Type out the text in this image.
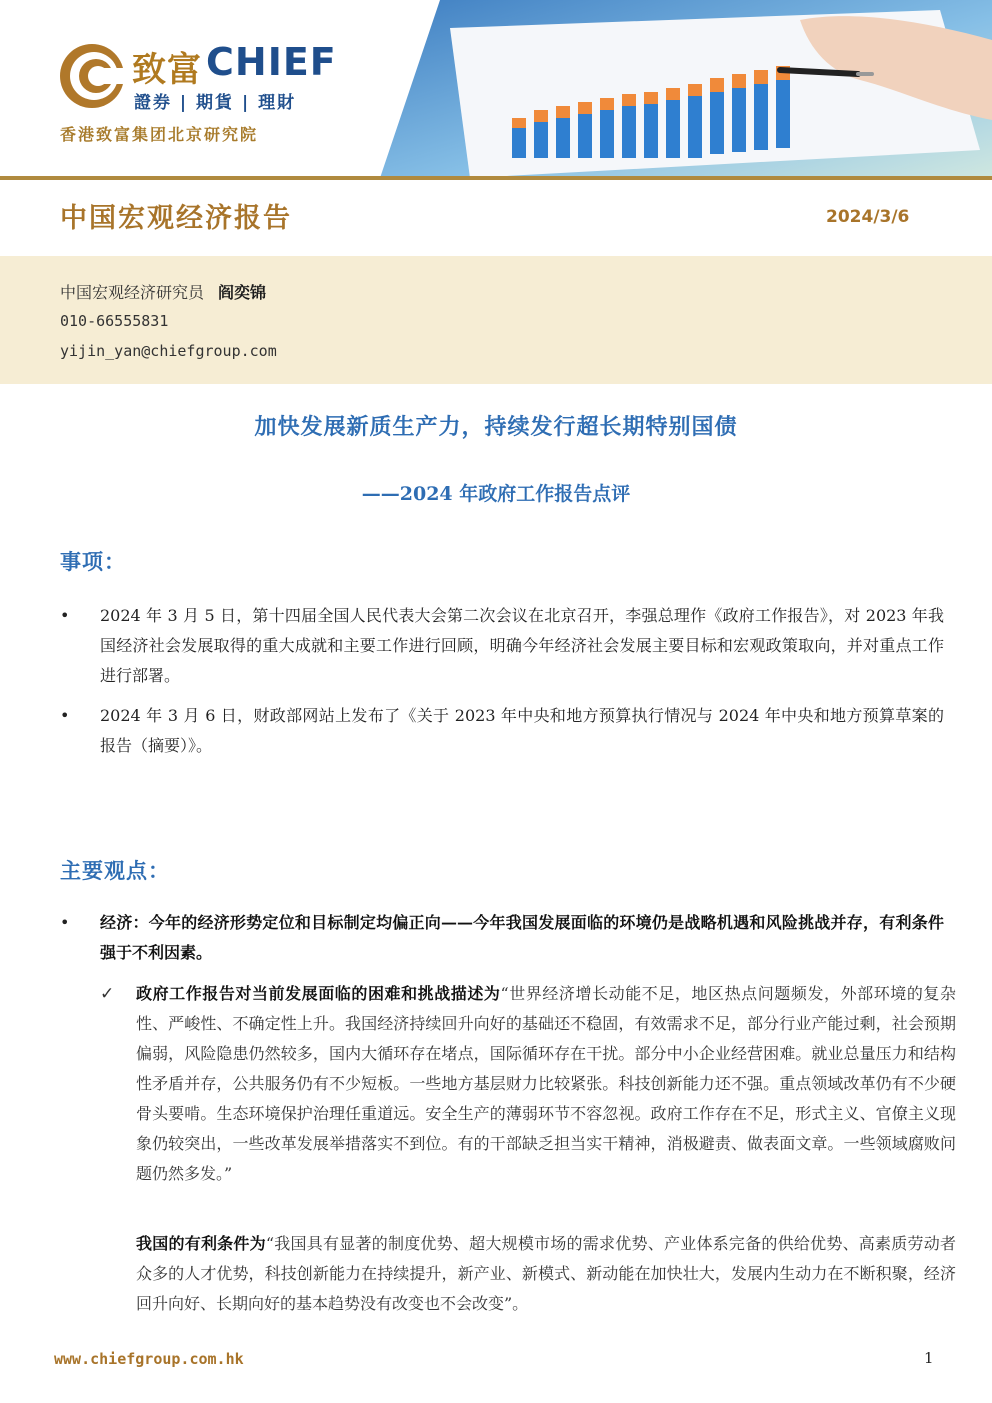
致富 CHIEF
證券 | 期貨 | 理財
香港致富集团北京研究院
中国宏观经济报告	2024/3/6
中国宏观经济研究员 阎奕锦
010-66555831
yijin_yan@chiefgroup.com
加快发展新质生产力，持续发行超长期特别国债
——2024 年政府工作报告点评
事项：
• 2024 年 3 月 5 日，第十四届全国人民代表大会第二次会议在北京召开，李强总理作《政府工作报告》，对 2023 年我国经济社会发展取得的重大成就和主要工作进行回顾，明确今年经济社会发展主要目标和宏观政策取向，并对重点工作进行部署。
• 2024 年 3 月 6 日，财政部网站上发布了《关于 2023 年中央和地方预算执行情况与 2024 年中央和地方预算草案的报告（摘要）》。
主要观点：
• 经济：今年的经济形势定位和目标制定均偏正向——今年我国发展面临的环境仍是战略机遇和风险挑战并存，有利条件强于不利因素。
✓ 政府工作报告对当前发展面临的困难和挑战描述为“世界经济增长动能不足，地区热点问题频发，外部环境的复杂性、严峻性、不确定性上升。我国经济持续回升向好的基础还不稳固，有效需求不足，部分行业产能过剩，社会预期偏弱，风险隐患仍然较多，国内大循环存在堵点，国际循环存在干扰。部分中小企业经营困难。就业总量压力和结构性矛盾并存，公共服务仍有不少短板。一些地方基层财力比较紧张。科技创新能力还不强。重点领域改革仍有不少硬骨头要啃。生态环境保护治理任重道远。安全生产的薄弱环节不容忽视。政府工作存在不足，形式主义、官僚主义现象仍较突出，一些改革发展举措落实不到位。有的干部缺乏担当实干精神，消极避责、做表面文章。一些领域腐败问题仍然多发。”
我国的有利条件为“我国具有显著的制度优势、超大规模市场的需求优势、产业体系完备的供给优势、高素质劳动者众多的人才优势，科技创新能力在持续提升，新产业、新模式、新动能在加快壮大，发展内生动力在不断积聚，经济回升向好、长期向好的基本趋势没有改变也不会改变”。
www.chiefgroup.com.hk	1
